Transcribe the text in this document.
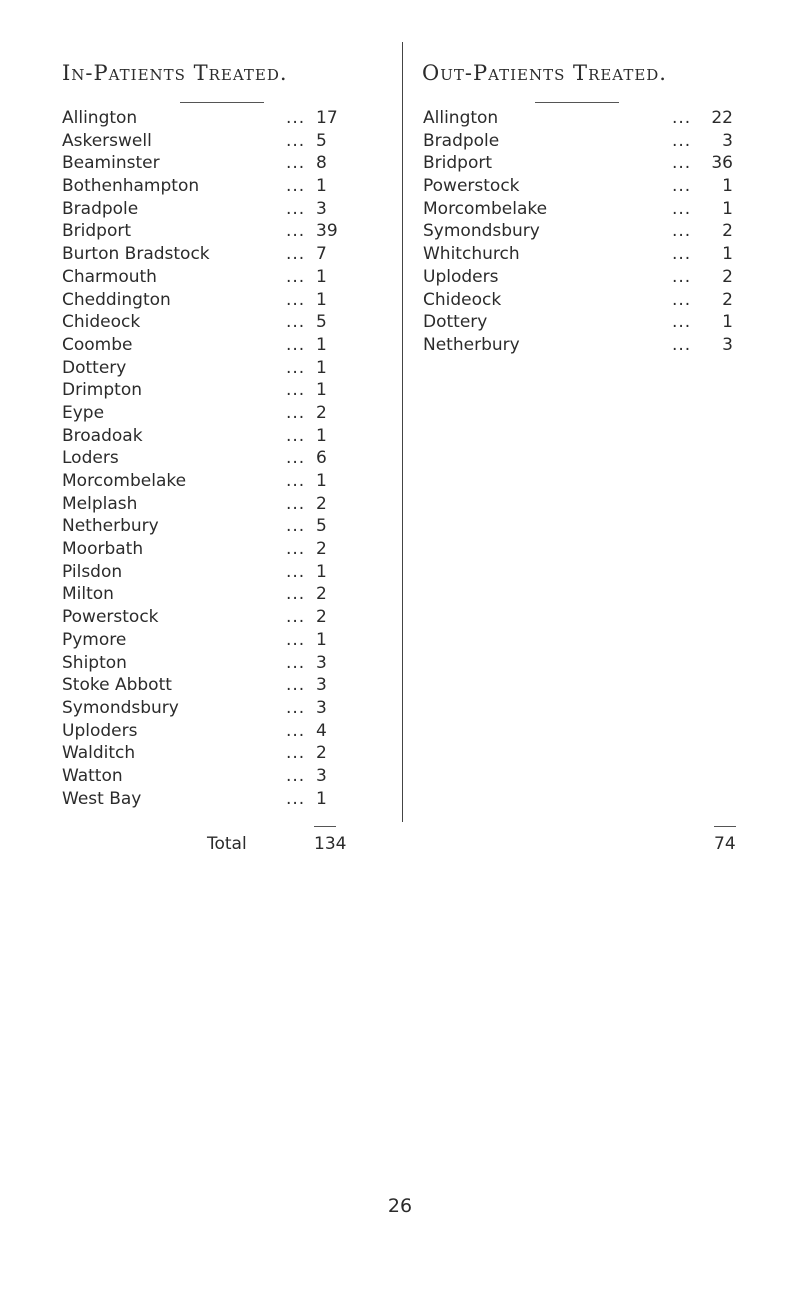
In-Patients Treated.
Allington	... 17
Askerswell	... 5
Beaminster	... 8
Bothenhampton	... 1
Bradpole	... 3
Bridport	... 39
Burton Bradstock	... 7
Charmouth	... 1
Cheddington	... 1
Chideock	... 5
Coombe	... 1
Dottery	... 1
Drimpton	... 1
Eype	... 2
Broadoak	... 1
Loders	... 6
Morcombelake	... 1
Melplash	... 2
Netherbury	... 5
Moorbath	... 2
Pilsdon	... 1
Milton	... 2
Powerstock	... 2
Pymore	... 1
Shipton	... 3
Stoke Abbott	... 3
Symondsbury	... 3
Uploders	... 4
Walditch	... 2
Watton	... 3
West Bay	... 1
Out-Patients Treated.
Allington	...	22
Bradpole	...	3
Bridport	...	36
Powerstock	...	1
Morcombelake	...	1
Symondsbury	...	2
Whitchurch	...	1
Uploders	...	2
Chideock	...	2
Dottery	...	1
Netherbury	...	3
Total	134	74
26
